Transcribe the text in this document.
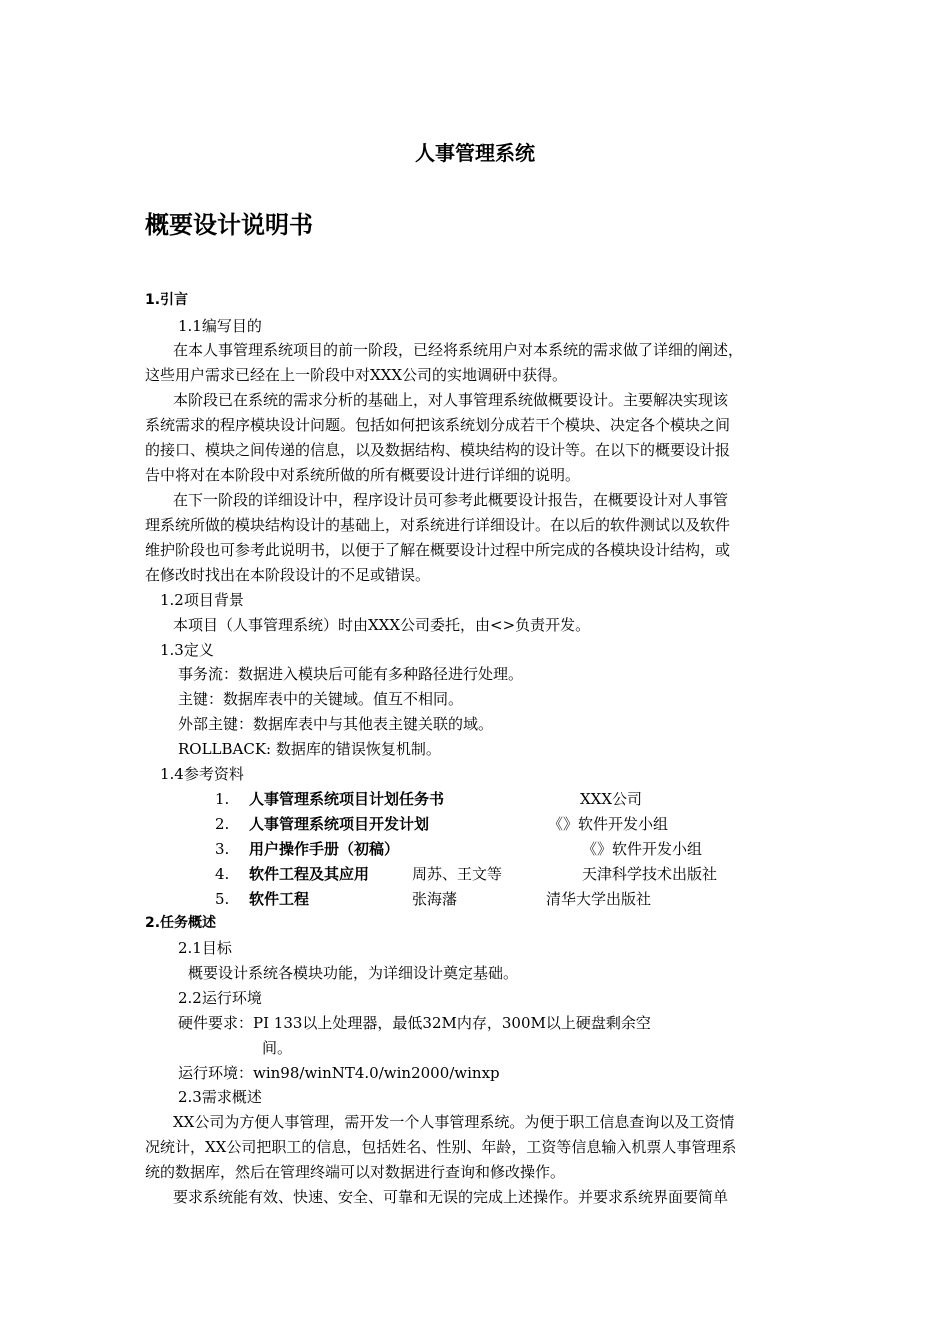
人事管理系统
概要设计说明书
1.引言
1.1编写目的
在本人事管理系统项目的前一阶段，已经将系统用户对本系统的需求做了详细的阐述，
这些用户需求已经在上一阶段中对XXX公司的实地调研中获得。
本阶段已在系统的需求分析的基础上，对人事管理系统做概要设计。主要解决实现该
系统需求的程序模块设计问题。包括如何把该系统划分成若干个模块、决定各个模块之间
的接口、模块之间传递的信息，以及数据结构、模块结构的设计等。在以下的概要设计报
告中将对在本阶段中对系统所做的所有概要设计进行详细的说明。
在下一阶段的详细设计中，程序设计员可参考此概要设计报告，在概要设计对人事管
理系统所做的模块结构设计的基础上，对系统进行详细设计。在以后的软件测试以及软件
维护阶段也可参考此说明书，以便于了解在概要设计过程中所完成的各模块设计结构，或
在修改时找出在本阶段设计的不足或错误。
1.2项目背景
本项目（人事管理系统）时由XXX公司委托，由<>负责开发。
1.3定义
事务流：数据进入模块后可能有多种路径进行处理。
主键：数据库表中的关键域。值互不相同。
外部主键：数据库表中与其他表主键关联的域。
ROLLBACK: 数据库的错误恢复机制。
1.4参考资料
1. 人事管理系统项目计划任务书	XXX公司
2. 人事管理系统项目开发计划	《》软件开发小组
3. 用户操作手册（初稿）	《》软件开发小组
4. 软件工程及其应用	周苏、王文等	天津科学技术出版社
5. 软件工程	张海藩	清华大学出版社
2.任务概述
2.1目标
概要设计系统各模块功能，为详细设计奠定基础。
2.2运行环境
硬件要求：PI 133以上处理器，最低32M内存，300M以上硬盘剩余空
间。
运行环境：win98/winNT4.0/win2000/winxp
2.3需求概述
XX公司为方便人事管理，需开发一个人事管理系统。为便于职工信息查询以及工资情
况统计，XX公司把职工的信息，包括姓名、性别、年龄，工资等信息输入机票人事管理系
统的数据库，然后在管理终端可以对数据进行查询和修改操作。
要求系统能有效、快速、安全、可靠和无误的完成上述操作。并要求系统界面要简单
